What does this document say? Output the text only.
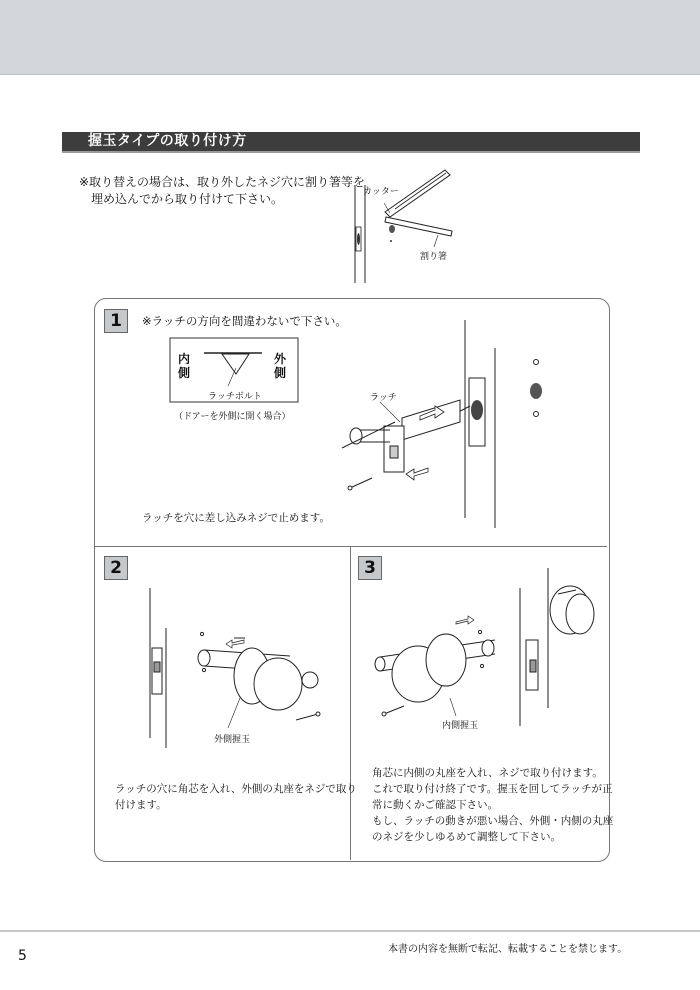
握玉タイプの取り付け方
※取り替えの場合は、取り外したネジ穴に割り箸等を
埋め込んでから取り付けて下さい。	カッター
割り箸
1	※ラッチの方向を間違わないで下さい。
内
側
外
側
ラッチボルト
（ドアーを外側に開く場合）
ラッチ
ラッチを穴に差し込みネジで止めます。
2
外側握玉
ラッチの穴に角芯を入れ、外側の丸座をネジで取り
付けます。
3
内側握玉
角芯に内側の丸座を入れ、ネジで取り付けます。
これで取り付け終了です。握玉を回してラッチが正
常に動くかご確認下さい。
もし、ラッチの動きが悪い場合、外側・内側の丸座
のネジを少しゆるめて調整して下さい。
5	本書の内容を無断で転記、転載することを禁じます。
